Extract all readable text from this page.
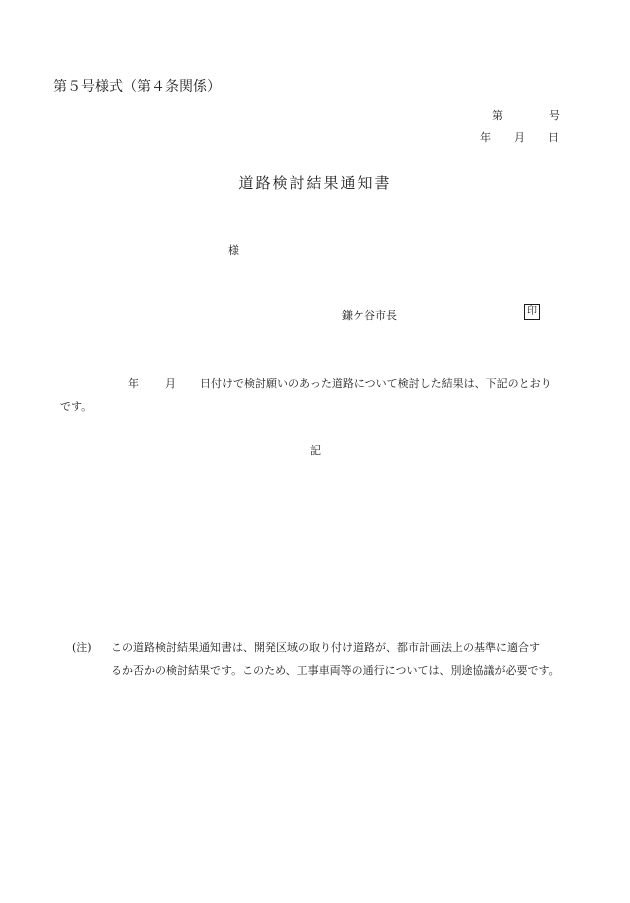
第５号様式（第４条関係）
第	号
年 月 日
道路検討結果通知書
様
鎌ケ谷市長	印
年 月 日付けで検討願いのあった道路について検討した結果は、下記のとおり
です。
記
(注) この道路検討結果通知書は、開発区域の取り付け道路が、都市計画法上の基準に適合す
るか否かの検討結果です。このため、工事車両等の通行については、別途協議が必要です。
